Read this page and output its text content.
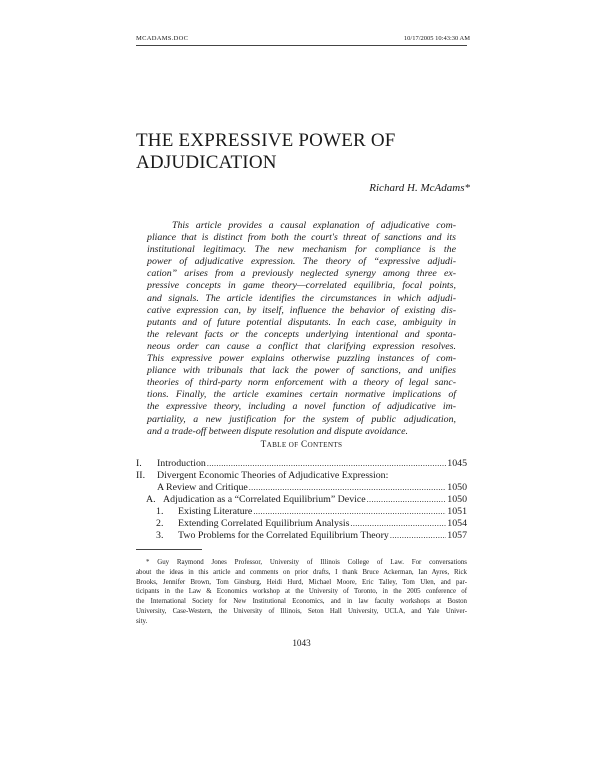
MCADAMS.DOC	10/17/2005 10:43:30 AM
THE EXPRESSIVE POWER OF
ADJUDICATION
Richard H. McAdams*
This article provides a causal explanation of adjudicative com-
pliance that is distinct from both the court's threat of sanctions and its
institutional legitimacy. The new mechanism for compliance is the
power of adjudicative expression. The theory of “expressive adjudi-
cation” arises from a previously neglected synergy among three ex-
pressive concepts in game theory—correlated equilibria, focal points,
and signals. The article identifies the circumstances in which adjudi-
cative expression can, by itself, influence the behavior of existing dis-
putants and of future potential disputants. In each case, ambiguity in
the relevant facts or the concepts underlying intentional and sponta-
neous order can cause a conflict that clarifying expression resolves.
This expressive power explains otherwise puzzling instances of com-
pliance with tribunals that lack the power of sanctions, and unifies
theories of third-party norm enforcement with a theory of legal sanc-
tions. Finally, the article examines certain normative implications of
the expressive theory, including a novel function of adjudicative im-
partiality, a new justification for the system of public adjudication,
and a trade-off between dispute resolution and dispute avoidance.
TABLE OF CONTENTS
I.	Introduction .....	1045
II.	Divergent Economic Theories of Adjudicative Expression:
A Review and Critique .....	1050
A. Adjudication as a “Correlated Equilibrium” Device .....	1050
1.	Existing Literature .....	1051
2.	Extending Correlated Equilibrium Analysis .....	1054
3.	Two Problems for the Correlated Equilibrium Theory .....	1057
* Guy Raymond Jones Professor, University of Illinois College of Law. For conversations
about the ideas in this article and comments on prior drafts, I thank Bruce Ackerman, Ian Ayres, Rick
Brooks, Jennifer Brown, Tom Ginsburg, Heidi Hurd, Michael Moore, Eric Talley, Tom Ulen, and par-
ticipants in the Law & Economics workshop at the University of Toronto, in the 2005 conference of
the International Society for New Institutional Economics, and in law faculty workshops at Boston
University, Case-Western, the University of Illinois, Seton Hall University, UCLA, and Yale Univer-
sity.
1043
